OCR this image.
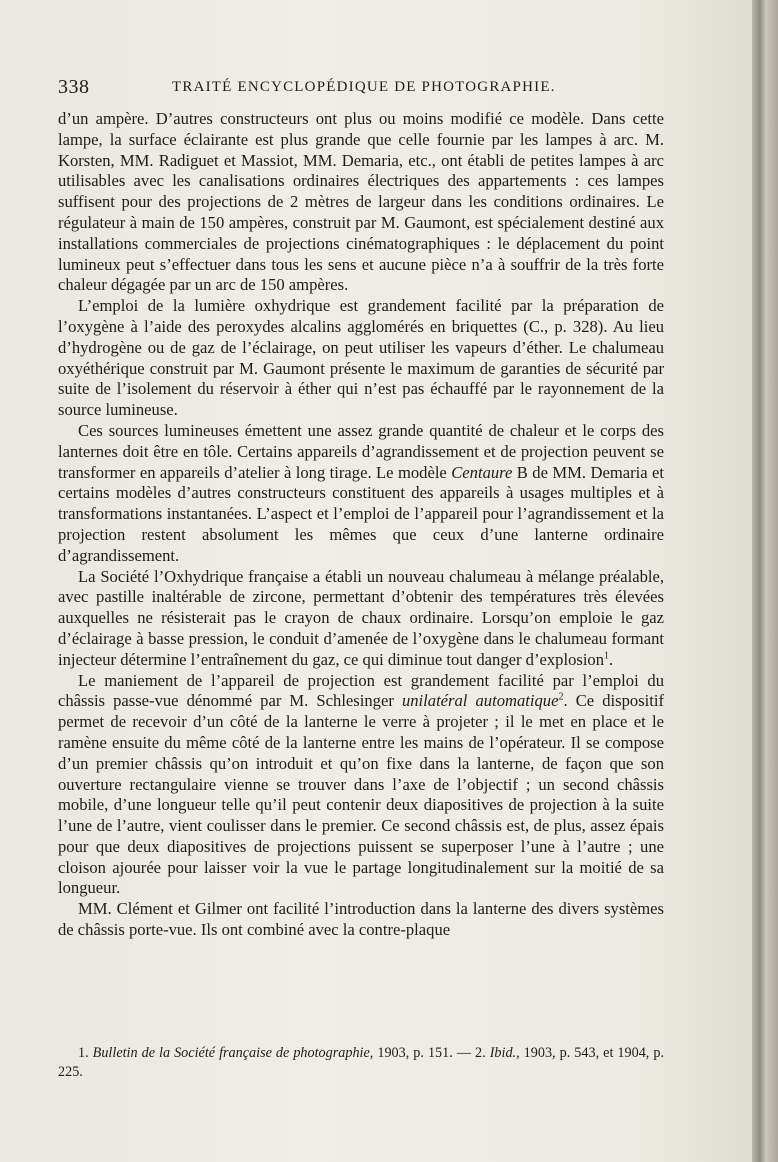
338	TRAITÉ ENCYCLOPÉDIQUE DE PHOTOGRAPHIE.

d’un ampère. D’autres constructeurs ont plus ou moins modifié ce modèle. Dans cette lampe, la surface éclairante est plus grande que celle fournie par les lampes à arc. M. Korsten, MM. Radiguet et Massiot, MM. Demaria, etc., ont établi de petites lampes à arc utilisables avec les canalisations ordinaires électriques des appartements : ces lampes suffisent pour des projections de 2 mètres de largeur dans les conditions ordinaires. Le régulateur à main de 150 ampères, construit par M. Gaumont, est spécialement destiné aux installations commerciales de projections cinématographiques : le déplacement du point lumineux peut s’effectuer dans tous les sens et aucune pièce n’a à souffrir de la très forte chaleur dégagée par un arc de 150 ampères.

L’emploi de la lumière oxhydrique est grandement facilité par la préparation de l’oxygène à l’aide des peroxydes alcalins agglomérés en briquettes (C., p. 328). Au lieu d’hydrogène ou de gaz de l’éclairage, on peut utiliser les vapeurs d’éther. Le chalumeau oxyéthérique construit par M. Gaumont présente le maximum de garanties de sécurité par suite de l’isolement du réservoir à éther qui n’est pas échauffé par le rayonnement de la source lumineuse.

Ces sources lumineuses émettent une assez grande quantité de chaleur et le corps des lanternes doit être en tôle. Certains appareils d’agrandissement et de projection peuvent se transformer en appareils d’atelier à long tirage. Le modèle Centaure B de MM. Demaria et certains modèles d’autres constructeurs constituent des appareils à usages multiples et à transformations instantanées. L’aspect et l’emploi de l’appareil pour l’agrandissement et la projection restent absolument les mêmes que ceux d’une lanterne ordinaire d’agrandissement.

La Société l’Oxhydrique française a établi un nouveau chalumeau à mélange préalable, avec pastille inaltérable de zircone, permettant d’obtenir des températures très élevées auxquelles ne résisterait pas le crayon de chaux ordinaire. Lorsqu’on emploie le gaz d’éclairage à basse pression, le conduit d’amenée de l’oxygène dans le chalumeau formant injecteur détermine l’entraînement du gaz, ce qui diminue tout danger d’explosion$^1$.

Le maniement de l’appareil de projection est grandement facilité par l’emploi du châssis passe-vue dénommé par M. Schlesinger unilatéral automatique$^2$. Ce dispositif permet de recevoir d’un côté de la lanterne le verre à projeter ; il le met en place et le ramène ensuite du même côté de la lanterne entre les mains de l’opérateur. Il se compose d’un premier châssis qu’on introduit et qu’on fixe dans la lanterne, de façon que son ouverture rectangulaire vienne se trouver dans l’axe de l’objectif ; un second châssis mobile, d’une longueur telle qu’il peut contenir deux diapositives de projection à la suite l’une de l’autre, vient coulisser dans le premier. Ce second châssis est, de plus, assez épais pour que deux diapositives de projections puissent se superposer l’une à l’autre ; une cloison ajourée pour laisser voir la vue le partage longitudinalement sur la moitié de sa longueur.

MM. Clément et Gilmer ont facilité l’introduction dans la lanterne des divers systèmes de châssis porte-vue. Ils ont combiné avec la contre-plaque

1. Bulletin de la Société française de photographie, 1903, p. 151. — 2. Ibid., 1903, p. 543, et 1904, p. 225.
